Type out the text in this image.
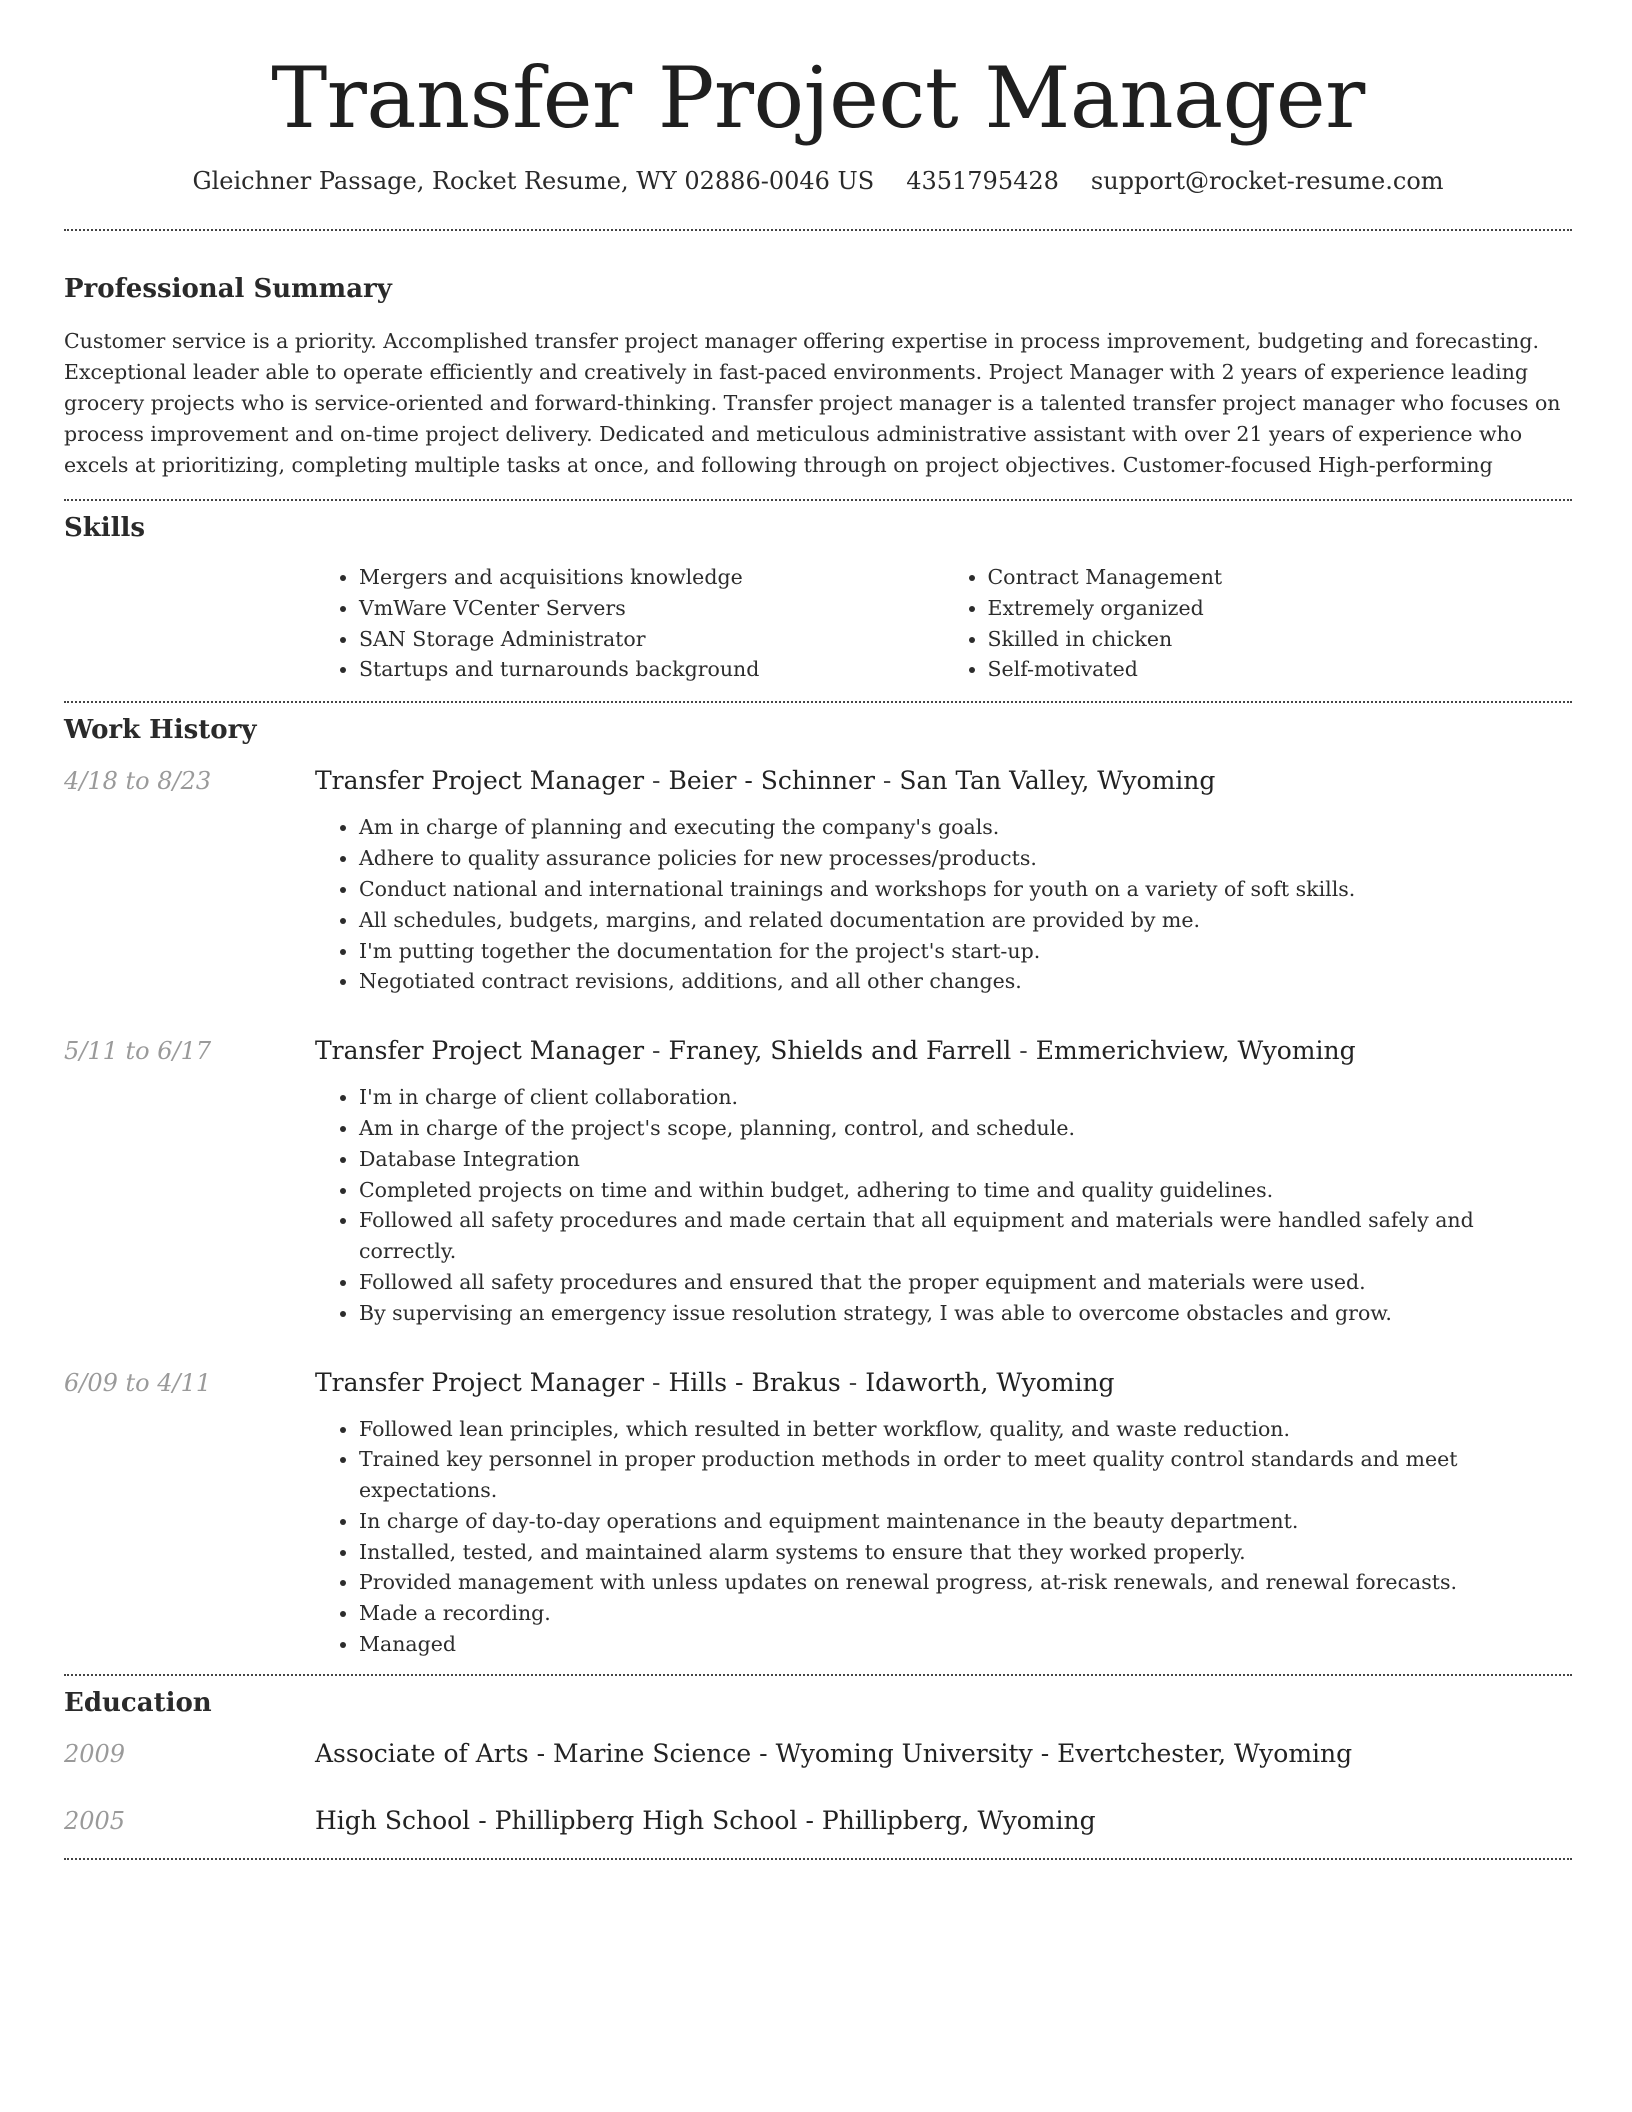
Transfer Project Manager
Gleichner Passage, Rocket Resume, WY 02886-0046 US 4351795428 support@rocket-resume.com
Professional Summary

Customer service is a priority. Accomplished transfer project manager offering expertise in process improvement, budgeting and forecasting. Exceptional leader able to operate efficiently and creatively in fast-paced environments. Project Manager with 2 years of experience leading grocery projects who is service-oriented and forward-thinking. Transfer project manager is a talented transfer project manager who focuses on process improvement and on-time project delivery. Dedicated and meticulous administrative assistant with over 21 years of experience who excels at prioritizing, completing multiple tasks at once, and following through on project objectives. Customer-focused High-performing

Skills
• Mergers and acquisitions knowledge
• VmWare VCenter Servers
• SAN Storage Administrator
• Startups and turnarounds background
• Contract Management
• Extremely organized
• Skilled in chicken
• Self-motivated
Work History
4/18 to 8/23	Transfer Project Manager - Beier - Schinner - San Tan Valley, Wyoming
• Am in charge of planning and executing the company's goals.
• Adhere to quality assurance policies for new processes/products.
• Conduct national and international trainings and workshops for youth on a variety of soft skills.
• All schedules, budgets, margins, and related documentation are provided by me.
• I'm putting together the documentation for the project's start-up.
• Negotiated contract revisions, additions, and all other changes.
5/11 to 6/17	Transfer Project Manager - Franey, Shields and Farrell - Emmerichview, Wyoming
• I'm in charge of client collaboration.
• Am in charge of the project's scope, planning, control, and schedule.
• Database Integration
• Completed projects on time and within budget, adhering to time and quality guidelines.
• Followed all safety procedures and made certain that all equipment and materials were handled safely and correctly.
• Followed all safety procedures and ensured that the proper equipment and materials were used.
• By supervising an emergency issue resolution strategy, I was able to overcome obstacles and grow.
6/09 to 4/11	Transfer Project Manager - Hills - Brakus - Idaworth, Wyoming
• Followed lean principles, which resulted in better workflow, quality, and waste reduction.
• Trained key personnel in proper production methods in order to meet quality control standards and meet expectations.
• In charge of day-to-day operations and equipment maintenance in the beauty department.
• Installed, tested, and maintained alarm systems to ensure that they worked properly.
• Provided management with unless updates on renewal progress, at-risk renewals, and renewal forecasts.
• Made a recording.
• Managed
Education
2009	Associate of Arts - Marine Science - Wyoming University - Evertchester, Wyoming
2005	High School - Phillipberg High School - Phillipberg, Wyoming
